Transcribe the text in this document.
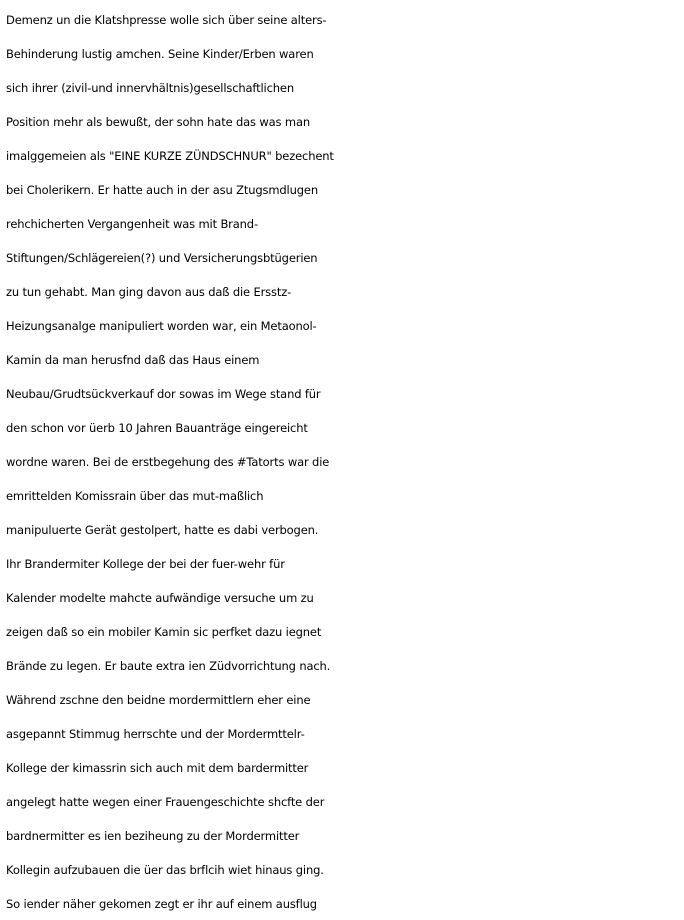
Demenz un die Klatshpresse wolle sich über seine alters-
Behinderung lustig amchen. Seine Kinder/Erben waren
sich ihrer (zivil-und innervhältnis)gesellschaftlichen
Position mehr als bewußt, der sohn hate das was man
imalggemeien als "EINE KURZE ZÜNDSCHNUR" bezechent
bei Cholerikern. Er hatte auch in der asu Ztugsmdlugen
rehchicherten Vergangenheit was mit Brand-
Stiftungen/Schlägereien(?) und Versicherungsbtügerien
zu tun gehabt. Man ging davon aus daß die Ersstz-
Heizungsanalge manipuliert worden war, ein Metaonol-
Kamin da man herusfnd daß das Haus einem
Neubau/Grudtsückverkauf dor sowas im Wege stand für
den schon vor üerb 10 Jahren Bauanträge eingereicht
wordne waren. Bei de erstbegehung des #Tatorts war die
emrittelden Komissrain über das mut-maßlich
manipuluerte Gerät gestolpert, hatte es dabi verbogen.
Ihr Brandermiter Kollege der bei der fuer-wehr für
Kalender modelte mahcte aufwändige versuche um zu
zeigen daß so ein mobiler Kamin sic perfket dazu iegnet
Brände zu legen. Er baute extra ien Züdvorrichtung nach.
Während zschne den beidne mordermittlern eher eine
asgepannt Stimmug herrschte und der Mordermttelr-
Kollege der kimassrin sich auch mit dem bardermitter
angelegt hatte wegen einer Frauengeschichte shcfte der
bardnermitter es ien beziheung zu der Mordermitter
Kollegin aufzubauen die üer das brflcih wiet hinaus ging.
So iender näher gekomen zegt er ihr auf einem ausflug
